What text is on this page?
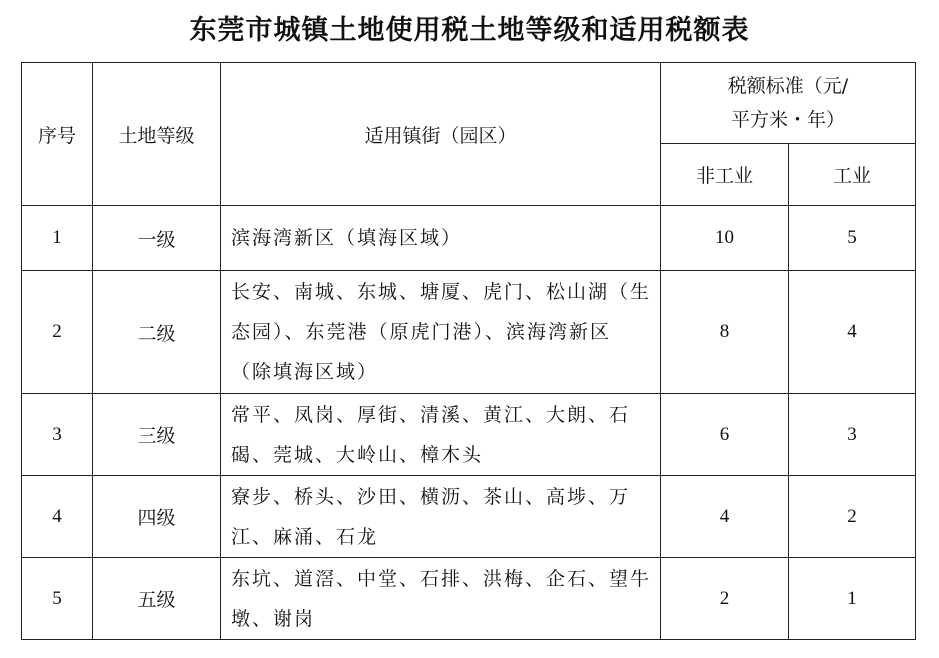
东莞市城镇土地使用税土地等级和适用税额表
序号	土地等级	适用镇街（园区）	税额标准（元/
平方米・年）	

			非工业	工业
1	一级	滨海湾新区（填海区域）	10	5
2	二级	长安、南城、东城、塘厦、虎门、松山湖（生态园）、东莞港（原虎门港）、滨海湾新区（除填海区域）	8	4
3	三级	常平、凤岗、厚街、清溪、黄江、大朗、石碣、莞城、大岭山、樟木头	6	3
4	四级	寮步、桥头、沙田、横沥、茶山、高埗、万江、麻涌、石龙	4	2
5	五级	东坑、道滘、中堂、石排、洪梅、企石、望牛墩、谢岗	2	1
